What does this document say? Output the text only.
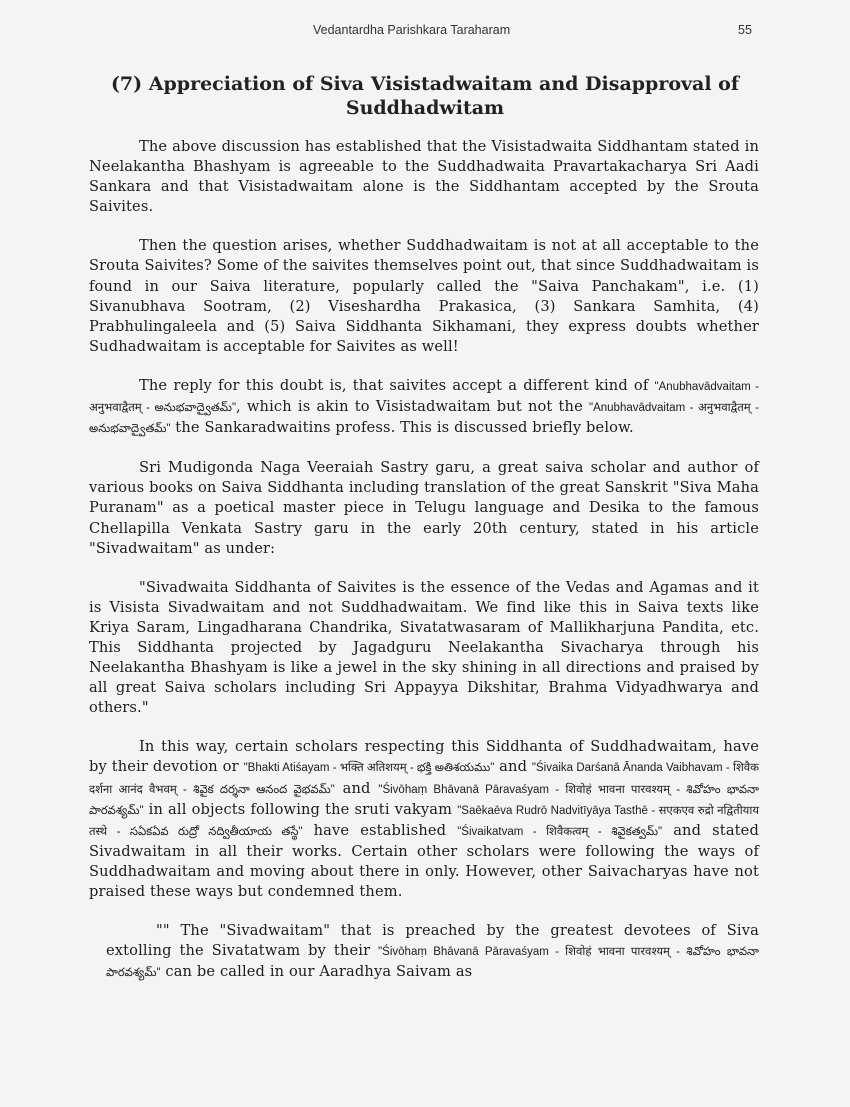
Vedantardha Parishkara Taraharam	55
(7) Appreciation of Siva Visistadwaitam and Disapproval of Suddhadwitam

The above discussion has established that the Visistadwaita Siddhantam stated in Neelakantha Bhashyam is agreeable to the Suddhadwaita Pravartakacharya Sri Aadi Sankara and that Visistadwaitam alone is the Siddhantam accepted by the Srouta Saivites.

Then the question arises, whether Suddhadwaitam is not at all acceptable to the Srouta Saivites? Some of the saivites themselves point out, that since Suddhadwaitam is found in our Saiva literature, popularly called the "Saiva Panchakam", i.e. (1) Sivanubhava Sootram, (2) Viseshardha Prakasica, (3) Sankara Samhita, (4) Prabhulingaleela and (5) Saiva Siddhanta Sikhamani, they express doubts whether Sudhadwaitam is acceptable for Saivites as well!

The reply for this doubt is, that saivites accept a different kind of "Anubhavādvaitam - अनुभवाद्वैतम् - అనుభవాద్వైతమ్", which is akin to Visistadwaitam but not the "Anubhavādvaitam - अनुभवाद्वैतम् - అనుభవాద్వైతమ్" the Sankaradwaitins profess. This is discussed briefly below.

Sri Mudigonda Naga Veeraiah Sastry garu, a great saiva scholar and author of various books on Saiva Siddhanta including translation of the great Sanskrit "Siva Maha Puranam" as a poetical master piece in Telugu language and Desika to the famous Chellapilla Venkata Sastry garu in the early 20th century, stated in his article "Sivadwaitam" as under:

"Sivadwaita Siddhanta of Saivites is the essence of the Vedas and Agamas and it is Visista Sivadwaitam and not Suddhadwaitam. We find like this in Saiva texts like Kriya Saram, Lingadharana Chandrika, Sivatatwasaram of Mallikharjuna Pandita, etc. This Siddhanta projected by Jagadguru Neelakantha Sivacharya through his Neelakantha Bhashyam is like a jewel in the sky shining in all directions and praised by all great Saiva scholars including Sri Appayya Dikshitar, Brahma Vidyadhwarya and others."

In this way, certain scholars respecting this Siddhanta of Suddhadwaitam, have by their devotion or "Bhakti Atiśayam - भक्ति अतिशयम् - భక్తి అతిశయము" and "Śivaika Darśanā Ānanda Vaibhavam - शिवैक दर्शना आनंद वैभवम् - శివైక దర్శనా ఆనంద వైభవమ్" and "Śivōhaṃ Bhāvanā Pāravaśyam - शिवोहं भावना पारवश्यम् - శివోహం భావనా పారవశ్యమ్" in all objects following the sruti vakyam "Saēkaēva Rudrō Nadvitīyāya Tasthē - सएकएव रुद्रो नद्वितीयाय तस्थे - సఏకఏవ రుద్రో నద్వితీయాయ తస్థే" have established "Śivaikatvam - शिवैकत्वम् - శివైకత్వమ్" and stated Sivadwaitam in all their works. Certain other scholars were following the ways of Suddhadwaitam and moving about there in only. However, other Saivacharyas have not praised these ways but condemned them.

"" The "Sivadwaitam" that is preached by the greatest devotees of Siva extolling the Sivatatwam by their "Śivōhaṃ Bhāvanā Pāravaśyam - शिवोहं भावना पारवश्यम् - శివోహం భావనా పారవశ్యమ్" can be called in our Aaradhya Saivam as
